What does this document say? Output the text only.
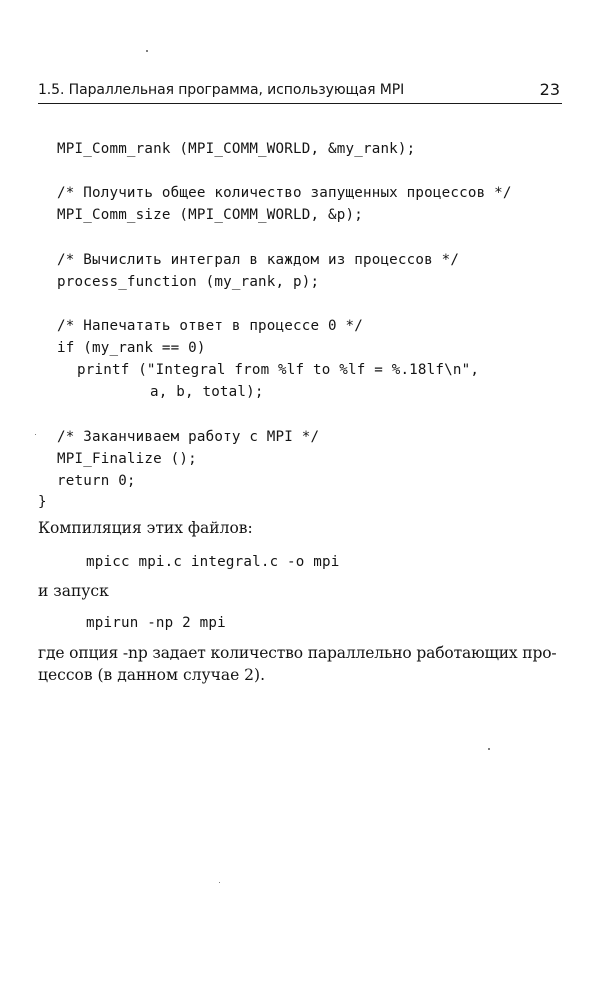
1.5. Параллельная программа, использующая MPI	23

MPI_Comm_rank (MPI_COMM_WORLD, &my_rank);

/* Получить общее количество запущенных процессов */

MPI_Comm_size (MPI_COMM_WORLD, &p);

/* Вычислить интеграл в каждом из процессов */

process_function (my_rank, p);

/* Напечатать ответ в процессе 0 */

if (my_rank == 0)

printf ("Integral from %lf to %lf = %.18lf\n",

a, b, total);

/* Заканчиваем работу с MPI */

MPI_Finalize ();

return 0;

}

Компиляция этих файлов:

mpicc mpi.c integral.c -o mpi

и запуск

mpirun -np 2 mpi

где опция -np задает количество параллельно работающих про-
цессов (в данном случае 2).
